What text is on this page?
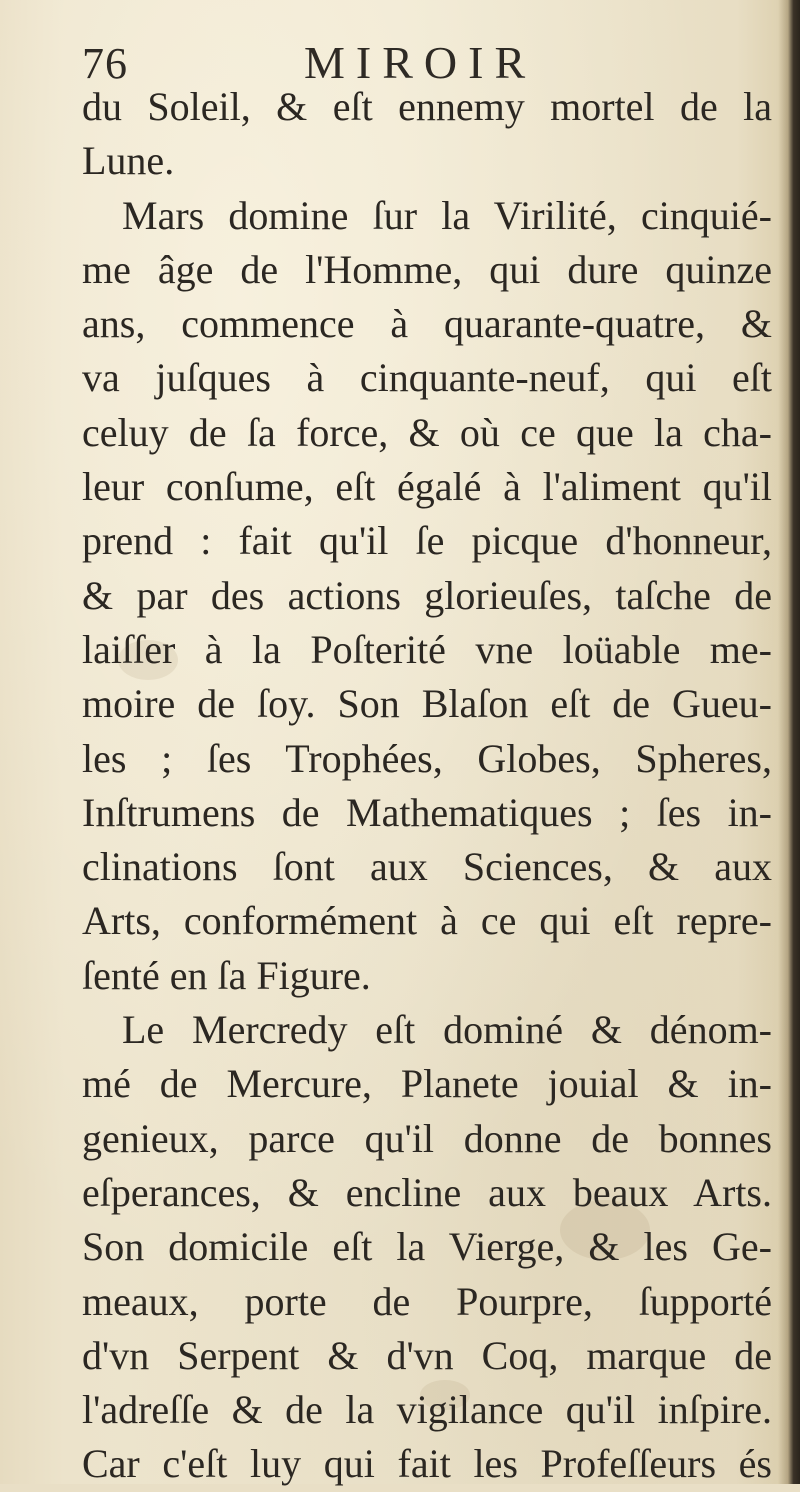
76	MIROIR
du Soleil, & eſt ennemy mortel de la
Lune.
Mars domine ſur la Virilité, cinquié-
me âge de l'Homme, qui dure quinze
ans, commence à quarante-quatre, &
va juſques à cinquante-neuf, qui eſt
celuy de ſa force, & où ce que la cha-
leur conſume, eſt égalé à l'aliment qu'il
prend : fait qu'il ſe picque d'honneur,
& par des actions glorieuſes, taſche de
laiſſer à la Poſterité vne loüable me-
moire de ſoy. Son Blaſon eſt de Gueu-
les ; ſes Trophées, Globes, Spheres,
Inſtrumens de Mathematiques ; ſes in-
clinations ſont aux Sciences, & aux
Arts, conformément à ce qui eſt repre-
ſenté en ſa Figure.
Le Mercredy eſt dominé & dénom-
mé de Mercure, Planete jouial & in-
genieux, parce qu'il donne de bonnes
eſperances, & encline aux beaux Arts.
Son domicile eſt la Vierge, & les Ge-
meaux, porte de Pourpre, ſupporté
d'vn Serpent & d'vn Coq, marque de
l'adreſſe & de la vigilance qu'il inſpire.
Car c'eſt luy qui fait les Profeſſeurs és
